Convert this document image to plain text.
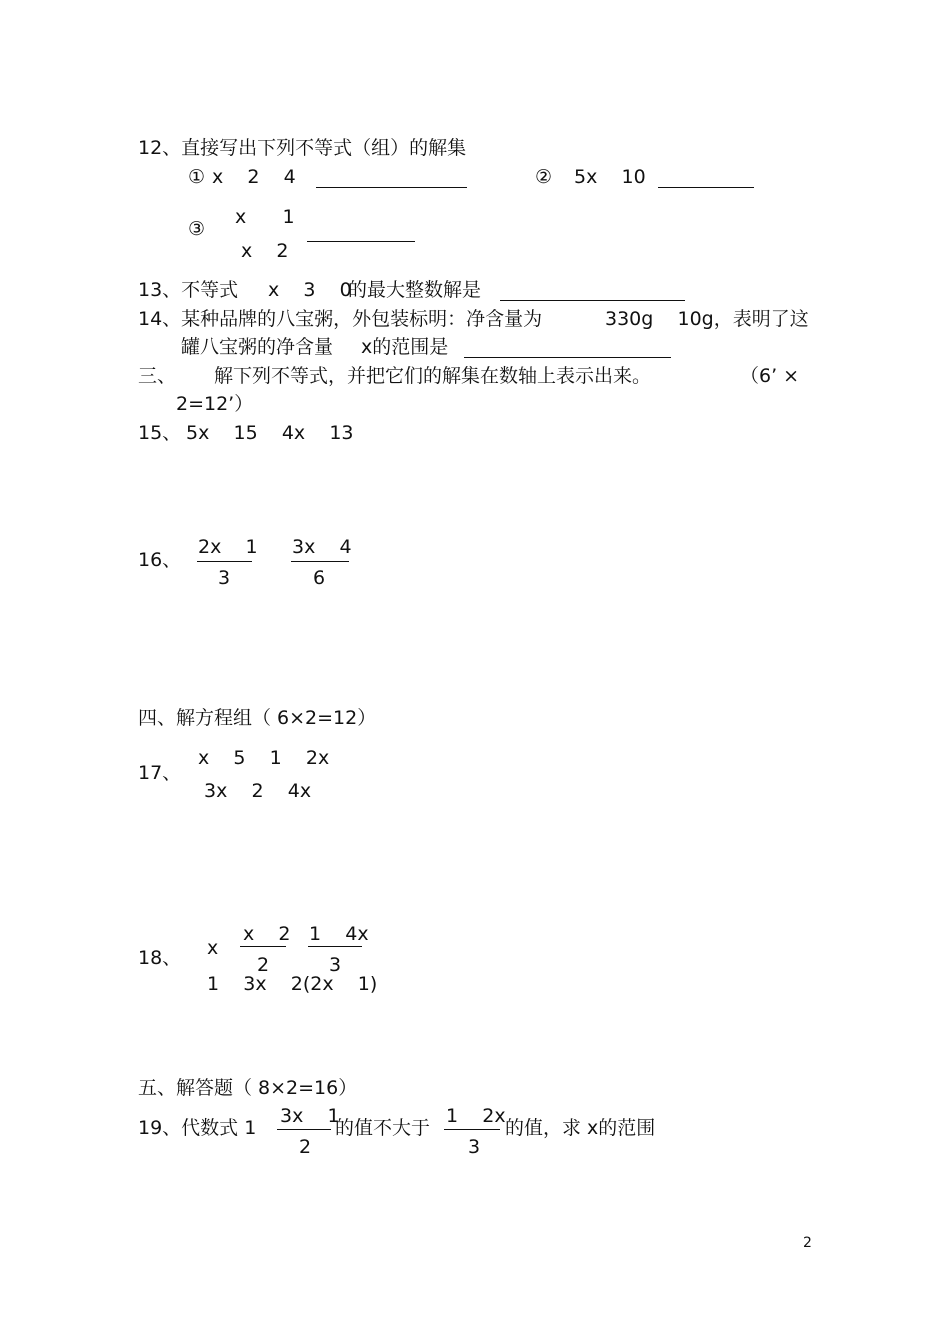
12、直接写出下列不等式（组）的解集
① x    2    4	② 5x    10
③
x      1
x    2
13、不等式 x    3    0
的最大整数解是
14、某种品牌的八宝粥，外包装标明：净含量为	330g    10g，表明了这
罐八宝粥的净含量 x的范围是
三、 解下列不等式，并把它们的解集在数轴上表示出来。	（6’ ×
2=12’）
15、 5x    15    4x    13
16、
2x    1
3
3x    4
6
四、解方程组（ 6×2=12）
17、
x    5    1    2x
3x    2    4x
18、 x
x    2
2
1    4x
3
1    3x    2(2x    1)
五、解答题（ 8×2=16）
19、代数式 1
3x    1
2
的值不大于
1    2x
3
的值，求 x的范围
2
